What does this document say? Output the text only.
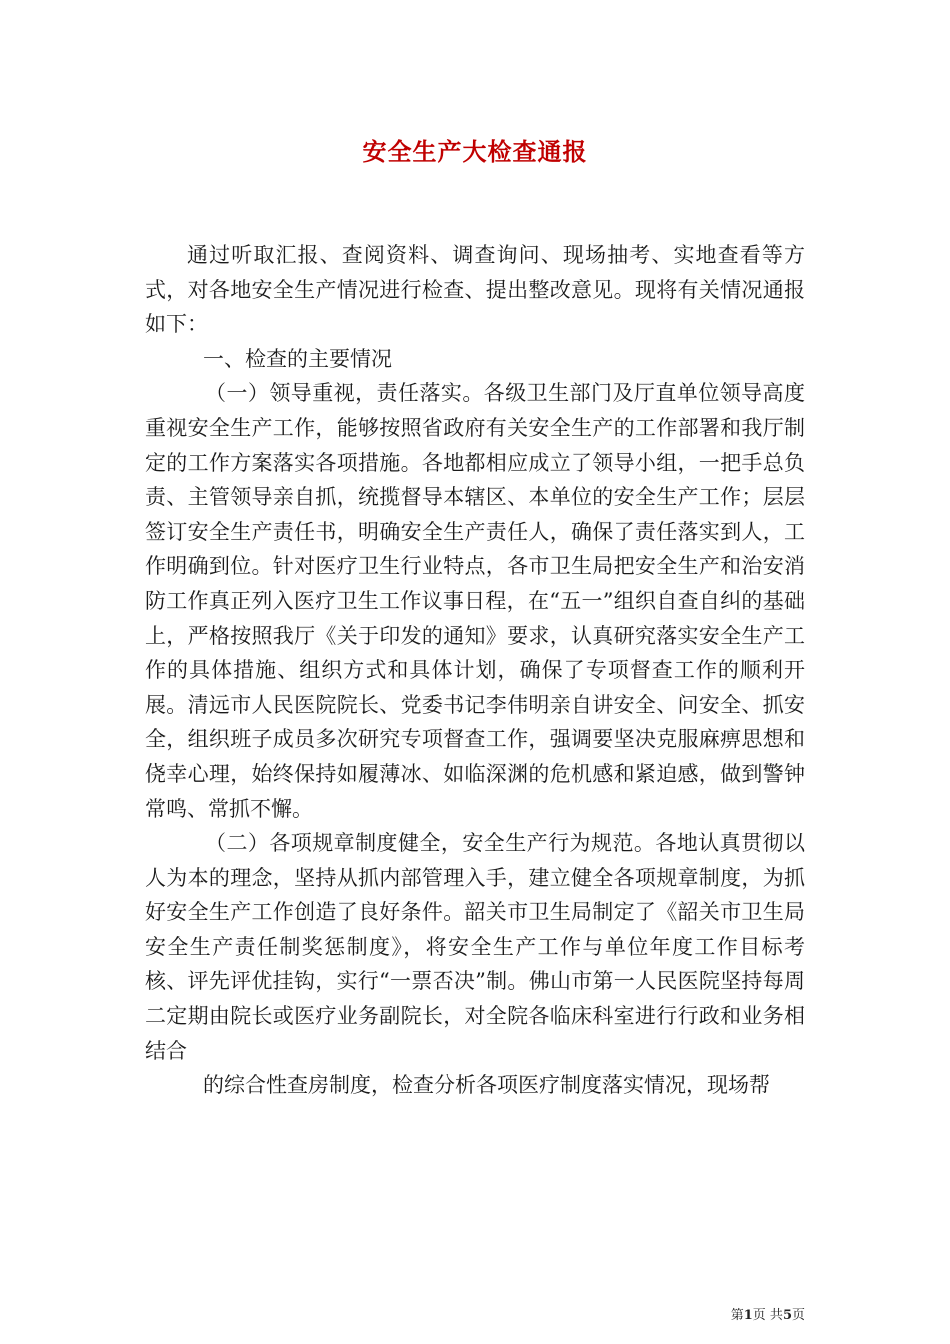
安全生产大检查通报

通过听取汇报、查阅资料、调查询问、现场抽考、实地查看等方式，对各地安全生产情况进行检查、提出整改意见。现将有关情况通报如下：

一、检查的主要情况

（一）领导重视，责任落实。各级卫生部门及厅直单位领导高度重视安全生产工作，能够按照省政府有关安全生产的工作部署和我厅制定的工作方案落实各项措施。各地都相应成立了领导小组，一把手总负责、主管领导亲自抓，统揽督导本辖区、本单位的安全生产工作；层层签订安全生产责任书，明确安全生产责任人，确保了责任落实到人，工作明确到位。针对医疗卫生行业特点，各市卫生局把安全生产和治安消防工作真正列入医疗卫生工作议事日程，在“五一”组织自查自纠的基础上，严格按照我厅《关于印发的通知》要求，认真研究落实安全生产工作的具体措施、组织方式和具体计划，确保了专项督查工作的顺利开展。清远市人民医院院长、党委书记李伟明亲自讲安全、问安全、抓安全，组织班子成员多次研究专项督查工作，强调要坚决克服麻痹思想和侥幸心理，始终保持如履薄冰、如临深渊的危机感和紧迫感，做到警钟常鸣、常抓不懈。

（二）各项规章制度健全，安全生产行为规范。各地认真贯彻以人为本的理念，坚持从抓内部管理入手，建立健全各项规章制度，为抓好安全生产工作创造了良好条件。韶关市卫生局制定了《韶关市卫生局安全生产责任制奖惩制度》，将安全生产工作与单位年度工作目标考核、评先评优挂钩，实行“一票否决”制。佛山市第一人民医院坚持每周二定期由院长或医疗业务副院长，对全院各临床科室进行行政和业务相结合

的综合性查房制度，检查分析各项医疗制度落实情况，现场帮

第1页 共5页
